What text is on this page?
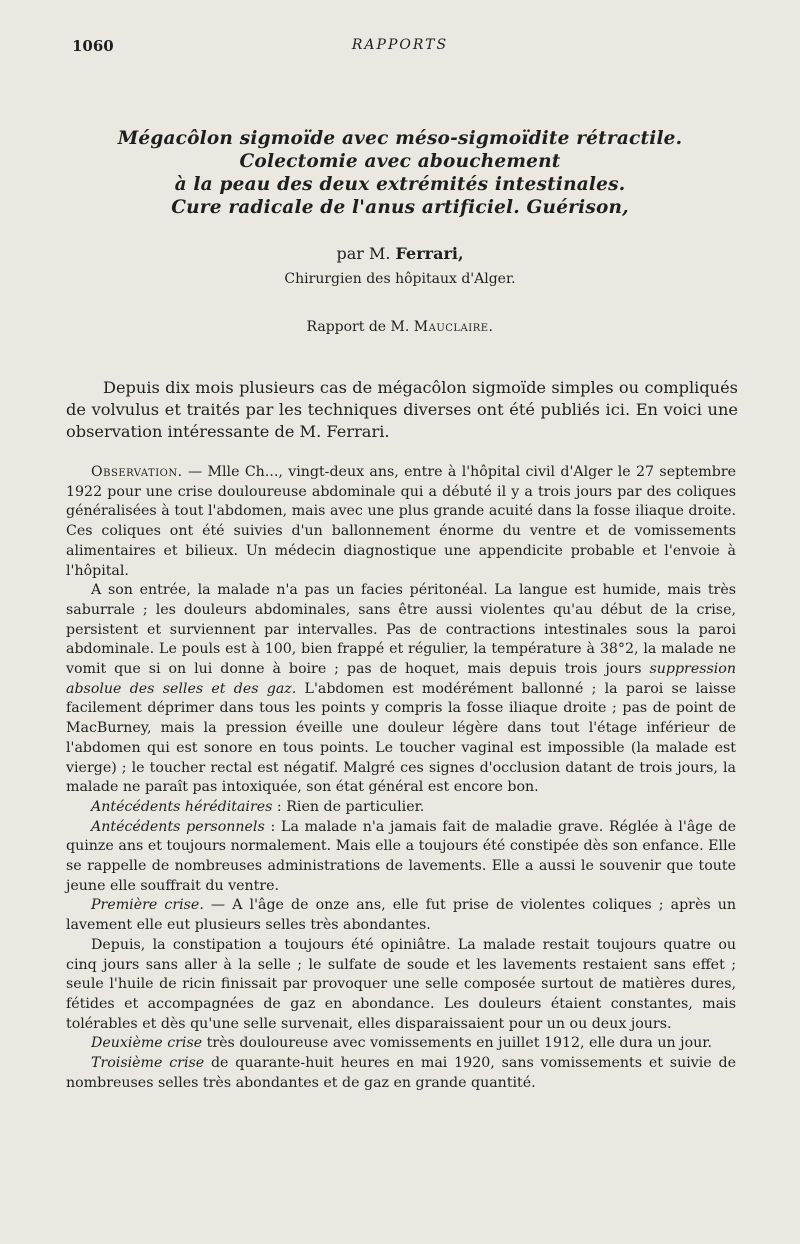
1060	RAPPORTS
Mégacôlon sigmoïde avec méso-sigmoïdite rétractile.
Colectomie avec abouchement
à la peau des deux extrémités intestinales.
Cure radicale de l'anus artificiel. Guérison,
par M. Ferrari,
Chirurgien des hôpitaux d'Alger.
Rapport de M. Mauclaire.

Depuis dix mois plusieurs cas de mégacôlon sigmoïde simples ou compliqués de volvulus et traités par les techniques diverses ont été publiés ici. En voici une observation intéressante de M. Ferrari.

Observation. — Mlle Ch..., vingt-deux ans, entre à l'hôpital civil d'Alger le 27 septembre 1922 pour une crise douloureuse abdominale qui a débuté il y a trois jours par des coliques généralisées à tout l'abdomen, mais avec une plus grande acuité dans la fosse iliaque droite. Ces coliques ont été suivies d'un ballonnement énorme du ventre et de vomissements alimentaires et bilieux. Un médecin diagnostique une appendicite probable et l'envoie à l'hôpital.

A son entrée, la malade n'a pas un facies péritonéal. La langue est humide, mais très saburrale ; les douleurs abdominales, sans être aussi violentes qu'au début de la crise, persistent et surviennent par intervalles. Pas de contractions intestinales sous la paroi abdominale. Le pouls est à 100, bien frappé et régulier, la température à 38°2, la malade ne vomit que si on lui donne à boire ; pas de hoquet, mais depuis trois jours suppression absolue des selles et des gaz. L'abdomen est modérément ballonné ; la paroi se laisse facilement déprimer dans tous les points y compris la fosse iliaque droite ; pas de point de MacBurney, mais la pression éveille une douleur légère dans tout l'étage inférieur de l'abdomen qui est sonore en tous points. Le toucher vaginal est impossible (la malade est vierge) ; le toucher rectal est négatif. Malgré ces signes d'occlusion datant de trois jours, la malade ne paraît pas intoxiquée, son état général est encore bon.

Antécédents héréditaires : Rien de particulier.

Antécédents personnels : La malade n'a jamais fait de maladie grave. Réglée à l'âge de quinze ans et toujours normalement. Mais elle a toujours été constipée dès son enfance. Elle se rappelle de nombreuses administrations de lavements. Elle a aussi le souvenir que toute jeune elle souffrait du ventre.

Première crise. — A l'âge de onze ans, elle fut prise de violentes coliques ; après un lavement elle eut plusieurs selles très abondantes.

Depuis, la constipation a toujours été opiniâtre. La malade restait toujours quatre ou cinq jours sans aller à la selle ; le sulfate de soude et les lavements restaient sans effet ; seule l'huile de ricin finissait par provoquer une selle composée surtout de matières dures, fétides et accompagnées de gaz en abondance. Les douleurs étaient constantes, mais tolérables et dès qu'une selle survenait, elles disparaissaient pour un ou deux jours.

Deuxième crise très douloureuse avec vomissements en juillet 1912, elle dura un jour.

Troisième crise de quarante-huit heures en mai 1920, sans vomissements et suivie de nombreuses selles très abondantes et de gaz en grande quantité.
